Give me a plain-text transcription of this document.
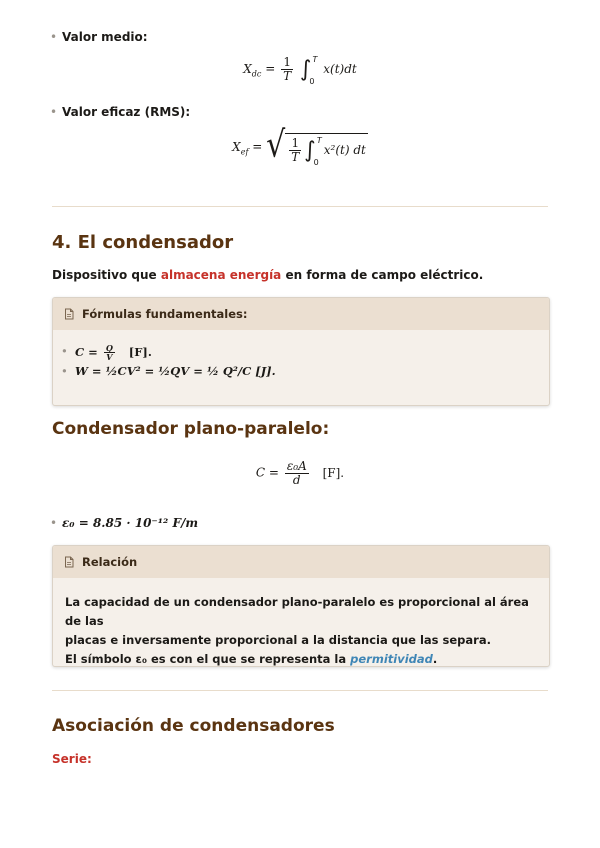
• Valor medio:
$X_{dc} = \frac{1}{T}$ ∫ T
0
x(t)dt
• Valor eficaz (RMS):
$X_{ef}$ = √ $\frac{1}{T}$ ∫ T
0
x²(t) dt
4. El condensador
Dispositivo que almacena energía en forma de campo eléctrico.
Fórmulas fundamentales:
• $C = \frac{Q}{V} [F]$.
• W = ½CV² = ½QV = ½ Q²/C [J].
Condensador plano-paralelo:
$C = \frac{\text{ε₀A}}{d} [F]$.
• ε₀ = 8.85 · 10⁻¹² F/m
Relación
La capacidad de un condensador plano-paralelo es proporcional al área de las
placas e inversamente proporcional a la distancia que las separa.
El símbolo ε₀ es con el que se representa la permitividad.
Asociación de condensadores
Serie:
